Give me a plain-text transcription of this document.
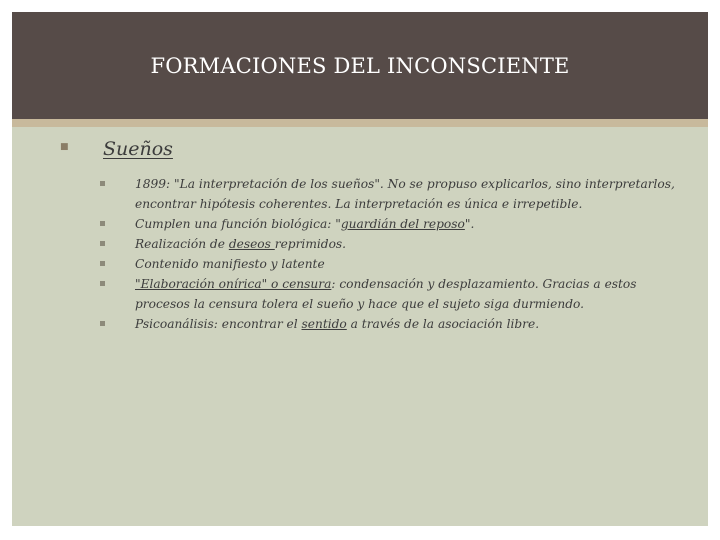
FORMACIONES DEL INCONSCIENTE
■ Sueños
1899: "La interpretación de los sueños". No se propuso explicarlos, sino interpretarlos, encontrar hipótesis coherentes. La interpretación es única e irrepetible.
Cumplen una función biológica: "guardián del reposo".
Realización de deseos reprimidos.
Contenido manifiesto y latente
"Elaboración onírica" o censura: condensación y desplazamiento. Gracias a estos procesos la censura tolera el sueño y hace que el sujeto siga durmiendo.
Psicoanálisis: encontrar el sentido a través de la asociación libre.
